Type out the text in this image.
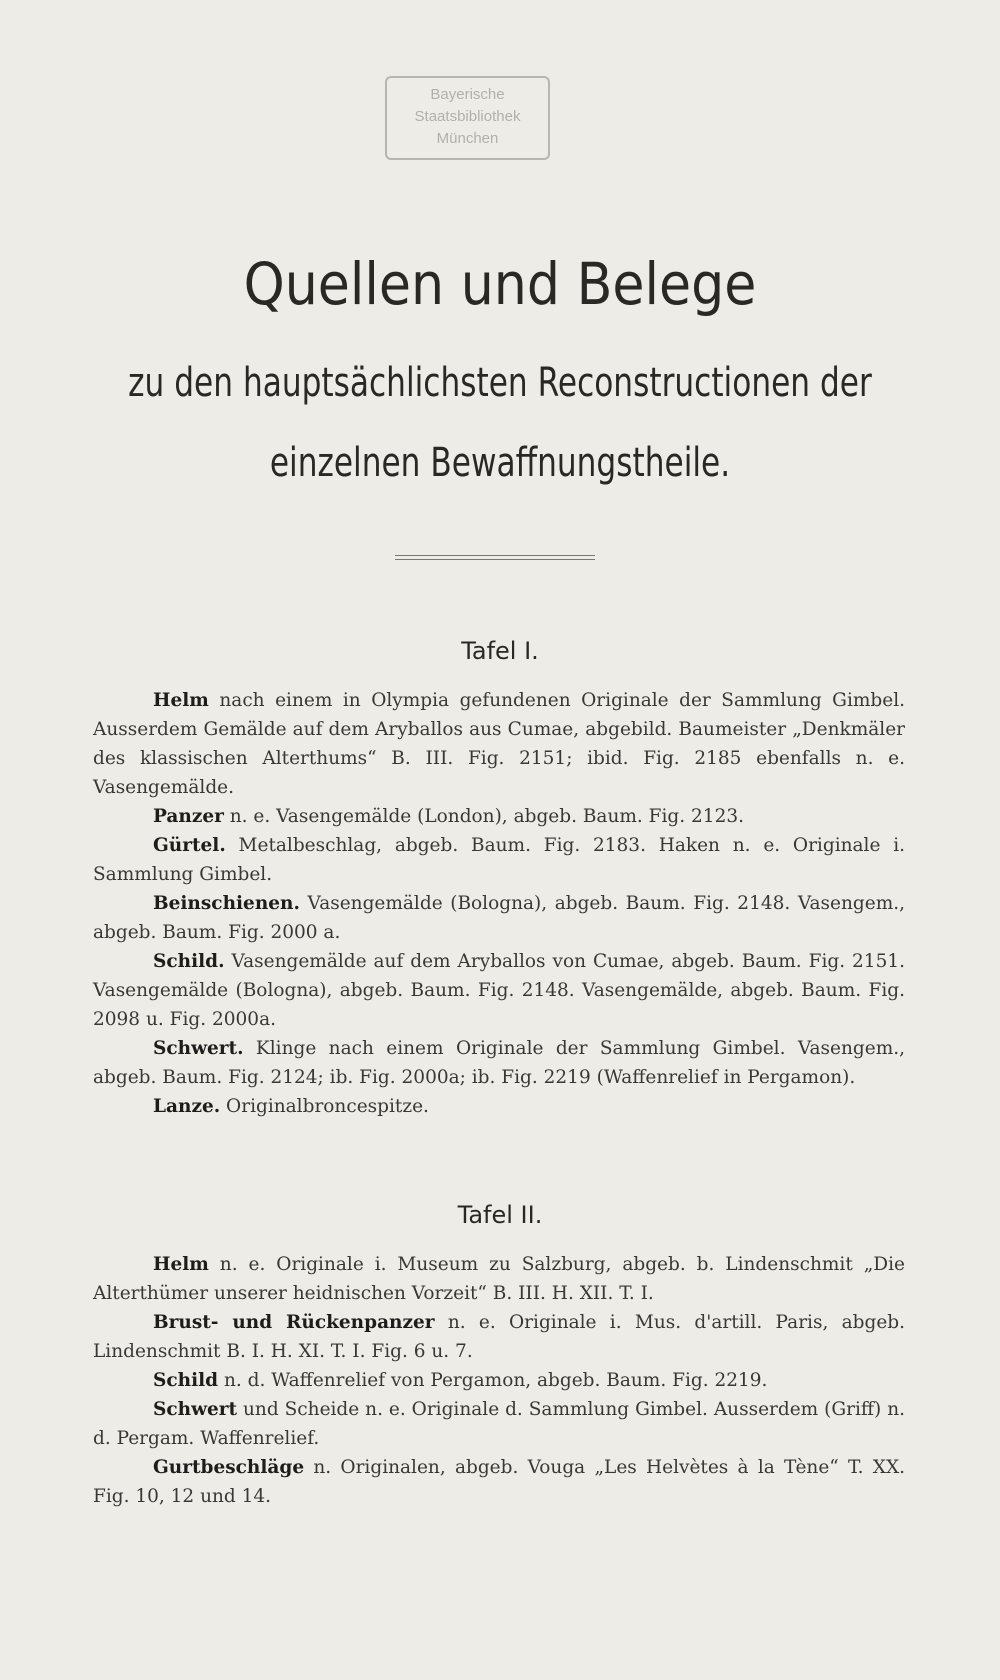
Bayerische
Staatsbibliothek
München
Quellen und Belege
zu den hauptsächlichsten Reconstructionen der
einzelnen Bewaffnungstheile.
Tafel I.

Helm nach einem in Olympia gefundenen Originale der Sammlung Gimbel. Ausserdem Gemälde auf dem Aryballos aus Cumae, abgebild. Baumeister „Denkmäler des klassischen Alterthums“ B. III. Fig. 2151; ibid. Fig. 2185 ebenfalls n. e. Vasengemälde.

Panzer n. e. Vasengemälde (London), abgeb. Baum. Fig. 2123.

Gürtel. Metalbeschlag, abgeb. Baum. Fig. 2183. Haken n. e. Originale i. Sammlung Gimbel.

Beinschienen. Vasengemälde (Bologna), abgeb. Baum. Fig. 2148. Vasengem., abgeb. Baum. Fig. 2000 a.

Schild. Vasengemälde auf dem Aryballos von Cumae, abgeb. Baum. Fig. 2151. Vasengemälde (Bologna), abgeb. Baum. Fig. 2148. Vasengemälde, abgeb. Baum. Fig. 2098 u. Fig. 2000a.

Schwert. Klinge nach einem Originale der Sammlung Gimbel. Vasengem., abgeb. Baum. Fig. 2124; ib. Fig. 2000a; ib. Fig. 2219 (Waffenrelief in Pergamon).

Lanze. Originalbroncespitze.

Tafel II.

Helm n. e. Originale i. Museum zu Salzburg, abgeb. b. Lindenschmit „Die Alterthümer unserer heidnischen Vorzeit“ B. III. H. XII. T. I.

Brust- und Rückenpanzer n. e. Originale i. Mus. d'artill. Paris, abgeb. Lindenschmit B. I. H. XI. T. I. Fig. 6 u. 7.

Schild n. d. Waffenrelief von Pergamon, abgeb. Baum. Fig. 2219.

Schwert und Scheide n. e. Originale d. Sammlung Gimbel. Ausserdem (Griff) n. d. Pergam. Waffenrelief.

Gurtbeschläge n. Originalen, abgeb. Vouga „Les Helvètes à la Tène“ T. XX. Fig. 10, 12 und 14.
